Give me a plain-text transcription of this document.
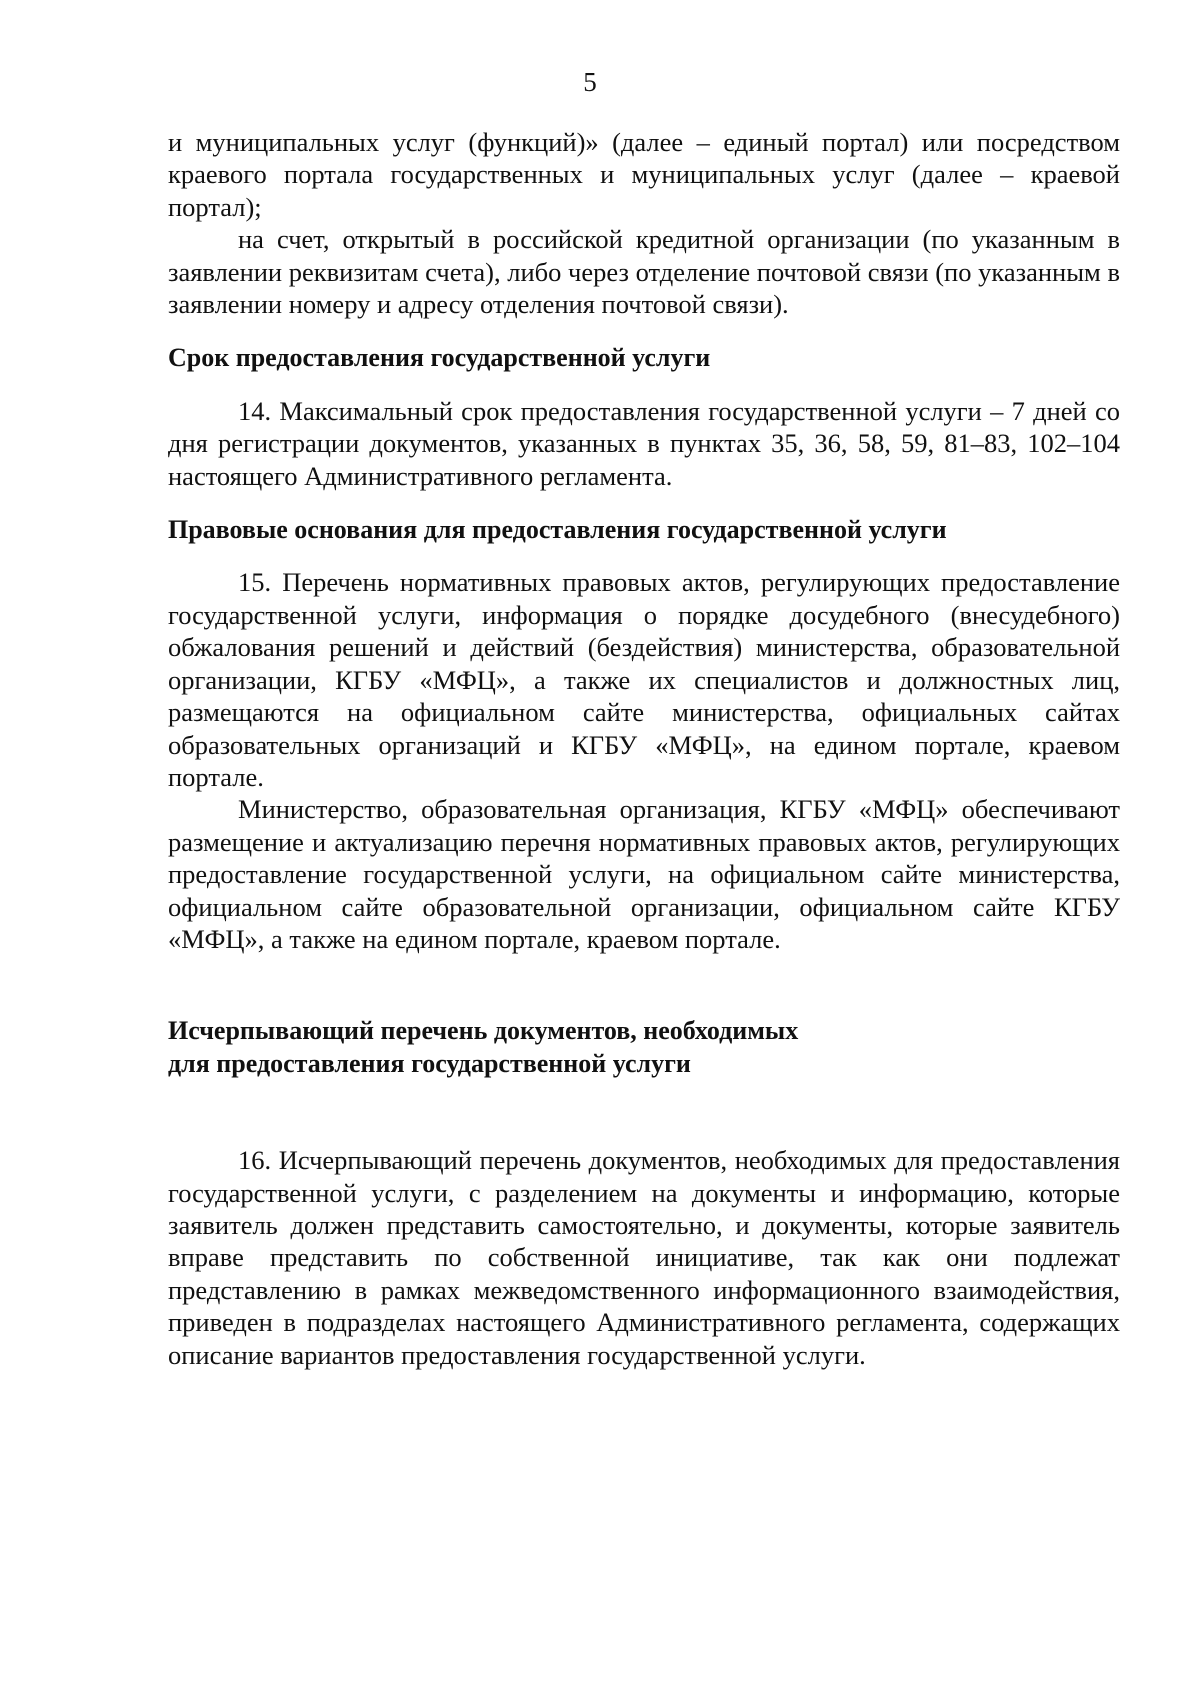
5

и муниципальных услуг (функций)» (далее – единый портал) или посредством краевого портала государственных и муниципальных услуг (далее – краевой портал);

на счет, открытый в российской кредитной организации (по указанным в заявлении реквизитам счета), либо через отделение почтовой связи (по указанным в заявлении номеру и адресу отделения почтовой связи).

Срок предоставления государственной услуги

14. Максимальный срок предоставления государственной услуги – 7 дней со дня регистрации документов, указанных в пунктах 35, 36, 58, 59, 81–83, 102–104 настоящего Административного регламента.

Правовые основания для предоставления государственной услуги

15. Перечень нормативных правовых актов, регулирующих предоставление государственной услуги, информация о порядке досудебного (внесудебного) обжалования решений и действий (бездействия) министерства, образовательной организации, КГБУ «МФЦ», а также их специалистов и должностных лиц, размещаются на официальном сайте министерства, официальных сайтах образовательных организаций и КГБУ «МФЦ», на едином портале, краевом портале.

Министерство, образовательная организация, КГБУ «МФЦ» обеспечивают размещение и актуализацию перечня нормативных правовых актов, регулирующих предоставление государственной услуги, на официальном сайте министерства, официальном сайте образовательной организации, официальном сайте КГБУ «МФЦ», а также на едином портале, краевом портале.

Исчерпывающий перечень документов, необходимых

для предоставления государственной услуги

16. Исчерпывающий перечень документов, необходимых для предоставления государственной услуги, с разделением на документы и информацию, которые заявитель должен представить самостоятельно, и документы, которые заявитель вправе представить по собственной инициативе, так как они подлежат представлению в рамках межведомственного информационного взаимодействия, приведен в подразделах настоящего Административного регламента, содержащих описание вариантов предоставления государственной услуги.
